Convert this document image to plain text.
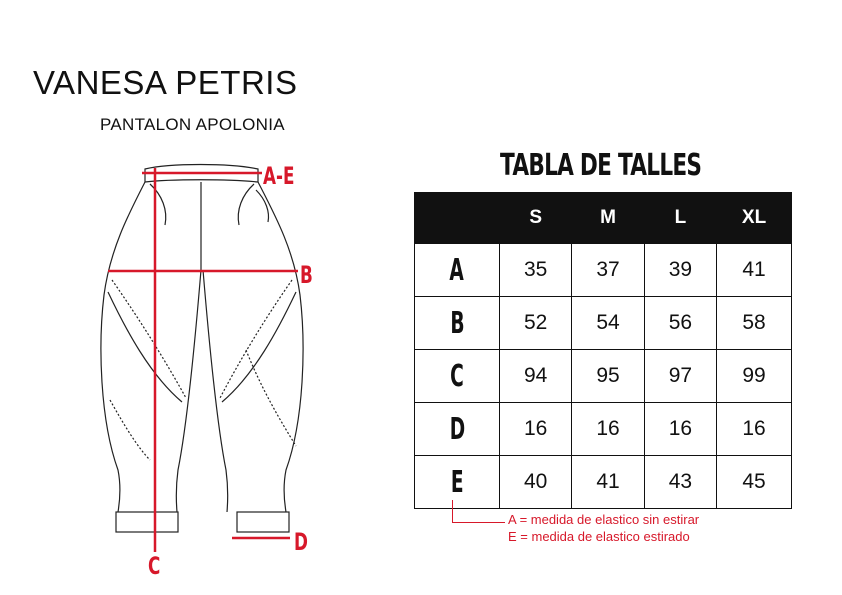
VANESA PETRIS
PANTALON APOLONIA
A-E
B
C
D
TABLA DE TALLES
	S	M	L	XL
A	35	37	39	41
B	52	54	56	58
C	94	95	97	99
D	16	16	16	16
E	40	41	43	45
A = medida de elastico sin estirar
E = medida de elastico estirado
